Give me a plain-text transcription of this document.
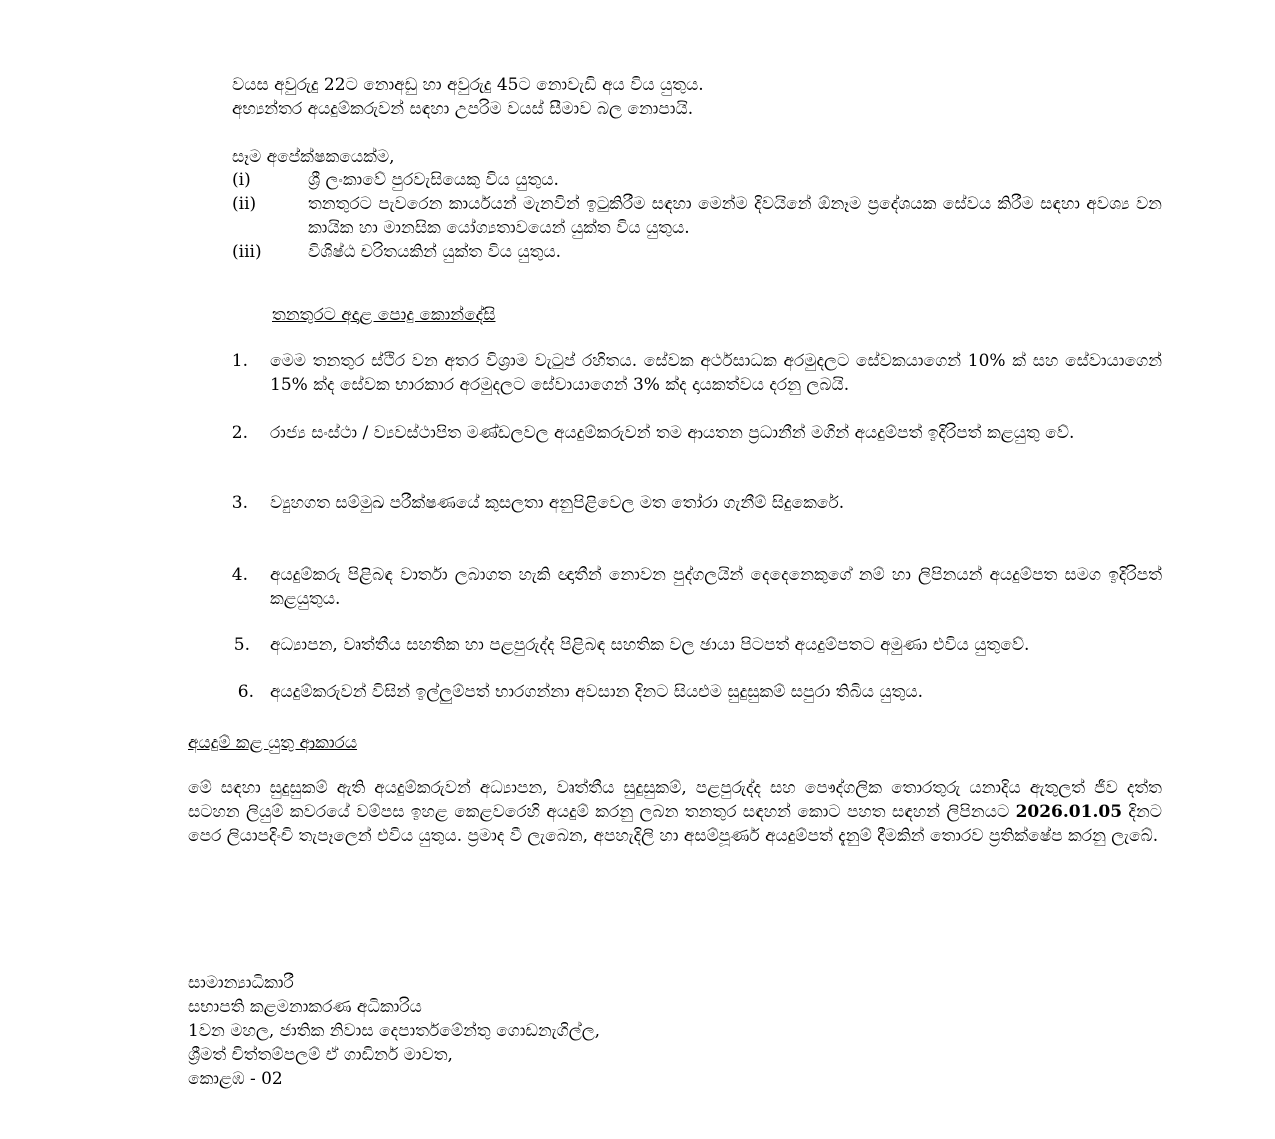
වයස අවුරුදු 22ට නොඅඩු හා අවුරුදු 45ට නොවැඩි අය විය යුතුය.
අභ්‍යන්තර අයදුම්කරුවන් සඳහා උපරිම වයස් සීමාව බල නොපායි.
සෑම අපේක්ෂකයෙක්ම,
(i)	ශ්‍රී ලංකාවේ පුරවැසියෙකු විය යුතුය.
(ii)	තනතුරට පැවරෙන කාර්යයන් මැනවින් ඉටුකිරීම සඳහා මෙන්ම දිවයිනේ ඕනෑම ප්‍රදේශයක සේවය කිරීම සඳහා අවශ්‍ය වන කායික හා මානසික යෝග්‍යතාවයෙන් යුක්ත විය යුතුය.
(iii)	විශිෂ්ඨ චරිතයකින් යුක්ත විය යුතුය.
තනතුරට අදාළ පොදු කොන්දේසි
1. මෙම තනතුර ස්ථිර වන අතර විශ්‍රාම වැටුප් රහිතය. සේවක අර්ථසාධක අරමුදලට සේවකයාගෙන් 10% ක් සහ සේවායාගෙන් 15% ක්ද සේවක භාරකාර අරමුදලට සේවායාගෙන් 3% ක්ද දායකත්වය දරනු ලබයි.
2. රාජ්‍ය සංස්ථා / ව්‍යවස්ථාපිත මණ්ඩලවල අයදුම්කරුවන් තම ආයතන ප්‍රධානීන් මගින් අයදුම්පත් ඉදිරිපත් කළයුතු වේ.
3. ව්‍යුහගත සම්මුඛ පරීක්ෂණයේ කුසලතා අනුපිළිවෙල මත තෝරා ගැනීම් සිදුකෙරේ.
4. අයදුම්කරු පිළිබඳ වාර්තා ලබාගත හැකි ඥාතීන් නොවන පුද්ගලයින් දෙදෙනෙකුගේ නම් හා ලිපිනයන් අයදුම්පත සමග ඉදිරිපත් කළයුතුය.
5. අධ්‍යාපන, වෘත්තීය සහතික හා පළපුරුද්ද පිළිබඳ සහතික වල ඡායා පිටපත් අයදුම්පතට අමුණා එවිය යුතුවේ.
6. අයදුම්කරුවන් විසින් ඉල්ලුම්පත් භාරගන්නා අවසාන දිනට සියළුම සුදුසුකම් සපුරා තිබිය යුතුය.
අයදුම් කළ යුතු ආකාරය
මේ සඳහා සුදුසුකම් ඇති අයදුම්කරුවන් අධ්‍යාපන, වෘත්තීය සුදුසුකම්, පළපුරුද්ද සහ පෞද්ගලික තොරතුරු යනාදිය ඇතුලත් ජීව දත්ත සටහන ලියුම් කවරයේ වම්පස ඉහළ කෙළවරෙහි අයදුම් කරනු ලබන තනතුර සඳහන් කොට පහත සඳහන් ලිපිනයට 2026.01.05 දිනට පෙර ලියාපදිංචි තැපෑලෙන් එවිය යුතුය. ප්‍රමාද වී ලැබෙන, අපහැදිලි හා අසම්පූර්ණ අයදුම්පත් දැනුම් දීමකින් තොරව ප්‍රතික්ෂේප කරනු ලැබේ.
සාමාන්‍යාධිකාරී
සභාපති කළමනාකරණ අධිකාරිය
1වන මහල, ජාතික නිවාස දෙපාර්තමේන්තු ගොඩනැගිල්ල,
ශ්‍රීමත් චිත්තම්පලම් ඒ ගාඩිනර් මාවත,
කොළඹ - 02
